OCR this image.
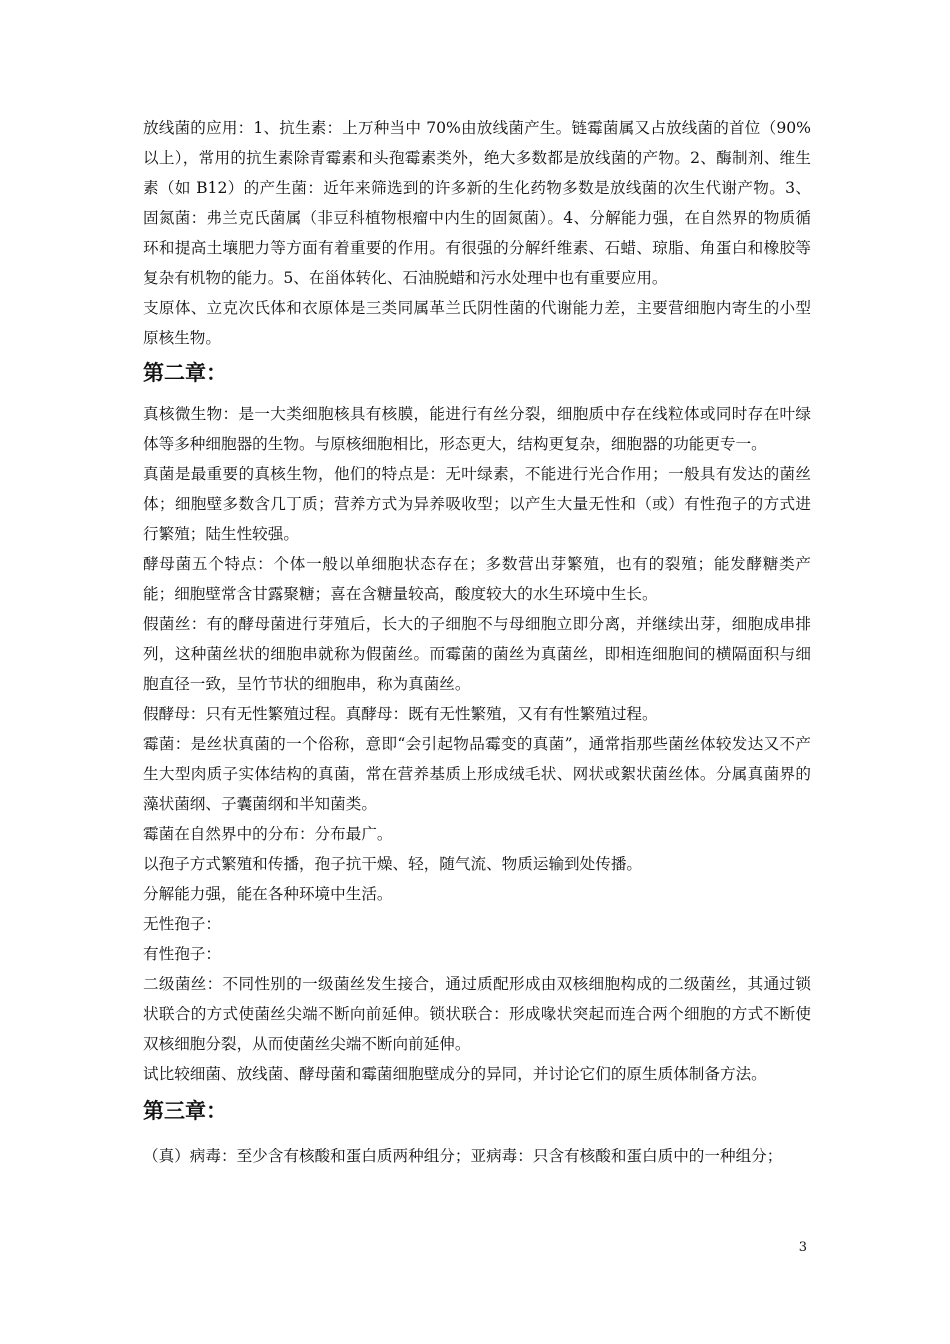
放线菌的应用：1、抗生素：上万种当中 70%由放线菌产生。链霉菌属又占放线菌的首位（90%以上），常用的抗生素除青霉素和头孢霉素类外，绝大多数都是放线菌的产物。2、酶制剂、维生素（如 B12）的产生菌：近年来筛选到的许多新的生化药物多数是放线菌的次生代谢产物。3、固氮菌：弗兰克氏菌属（非豆科植物根瘤中内生的固氮菌）。4、分解能力强，在自然界的物质循环和提高土壤肥力等方面有着重要的作用。有很强的分解纤维素、石蜡、琼脂、角蛋白和橡胶等复杂有机物的能力。5、在甾体转化、石油脱蜡和污水处理中也有重要应用。

支原体、立克次氏体和衣原体是三类同属革兰氏阴性菌的代谢能力差，主要营细胞内寄生的小型原核生物。

第二章：

真核微生物：是一大类细胞核具有核膜，能进行有丝分裂，细胞质中存在线粒体或同时存在叶绿体等多种细胞器的生物。与原核细胞相比，形态更大，结构更复杂，细胞器的功能更专一。

真菌是最重要的真核生物，他们的特点是：无叶绿素，不能进行光合作用；一般具有发达的菌丝体；细胞壁多数含几丁质；营养方式为异养吸收型；以产生大量无性和（或）有性孢子的方式进行繁殖；陆生性较强。

酵母菌五个特点：个体一般以单细胞状态存在；多数营出芽繁殖，也有的裂殖；能发酵糖类产能；细胞壁常含甘露聚糖；喜在含糖量较高，酸度较大的水生环境中生长。

假菌丝：有的酵母菌进行芽殖后，长大的子细胞不与母细胞立即分离，并继续出芽，细胞成串排列，这种菌丝状的细胞串就称为假菌丝。而霉菌的菌丝为真菌丝，即相连细胞间的横隔面积与细胞直径一致，呈竹节状的细胞串，称为真菌丝。

假酵母：只有无性繁殖过程。真酵母：既有无性繁殖，又有有性繁殖过程。

霉菌：是丝状真菌的一个俗称，意即“会引起物品霉变的真菌”，通常指那些菌丝体较发达又不产生大型肉质子实体结构的真菌，常在营养基质上形成绒毛状、网状或絮状菌丝体。分属真菌界的藻状菌纲、子囊菌纲和半知菌类。

霉菌在自然界中的分布：分布最广。

以孢子方式繁殖和传播，孢子抗干燥、轻，随气流、物质运输到处传播。

分解能力强，能在各种环境中生活。

无性孢子：

有性孢子：

二级菌丝：不同性别的一级菌丝发生接合，通过质配形成由双核细胞构成的二级菌丝，其通过锁状联合的方式使菌丝尖端不断向前延伸。锁状联合：形成喙状突起而连合两个细胞的方式不断使双核细胞分裂，从而使菌丝尖端不断向前延伸。

试比较细菌、放线菌、酵母菌和霉菌细胞壁成分的异同，并讨论它们的原生质体制备方法。

第三章：

（真）病毒：至少含有核酸和蛋白质两种组分；亚病毒：只含有核酸和蛋白质中的一种组分；

3
